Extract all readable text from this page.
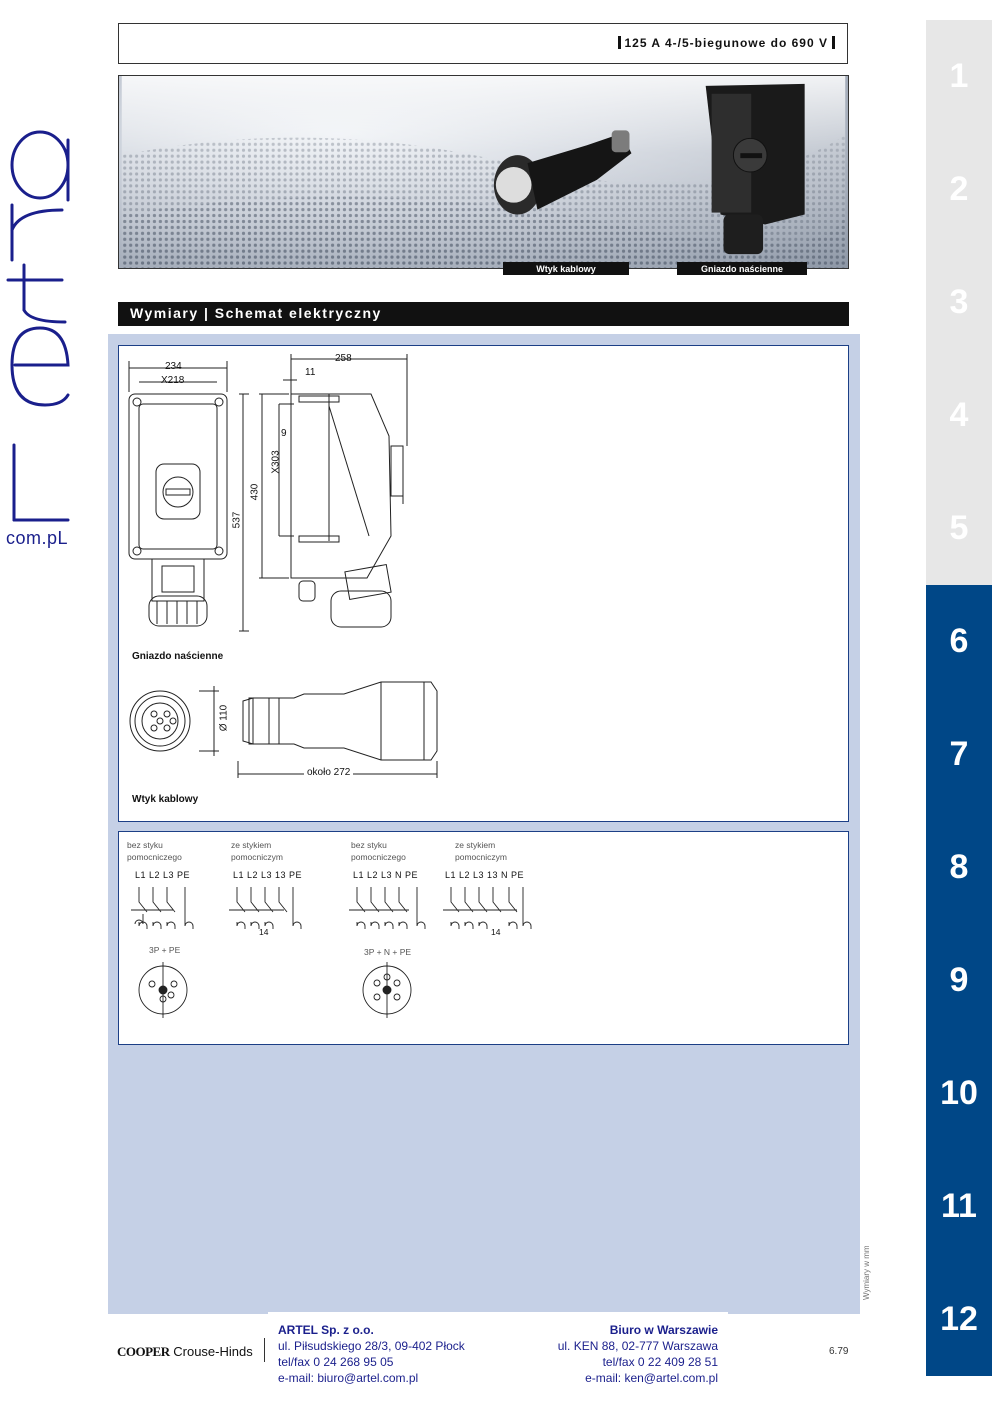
com.pL
1
2
3
4
5
6
7
8
9
10
11
12
125 A 4-/5-biegunowe do 690 V
Wtyk kablowy	Gniazdo naścienne
Wymiary | Schemat elektryczny
234
X218
258
11
9
X303
430
537
Ø 110
około 272
Gniazdo naścienne
Wtyk kablowy
bez styku
pomocniczego
ze stykiem
pomocniczym
bez styku
pomocniczego
ze stykiem
pomocniczym
L1 L2 L3 PE	L1 L2 L3 13 PE	L1 L2 L3 N PE	L1 L2 L3 13 N PE
14	14
3P + PE	3P + N + PE
COOPER Crouse-Hinds
ARTEL Sp. z o.o.
ul. Piłsudskiego 28/3, 09-402 Płock
tel/fax 0 24 268 95 05
e-mail: biuro@artel.com.pl
Biuro w Warszawie
ul. KEN 88, 02-777 Warszawa
tel/fax 0 22 409 28 51
e-mail: ken@artel.com.pl
6.79
Wymiary w mm
